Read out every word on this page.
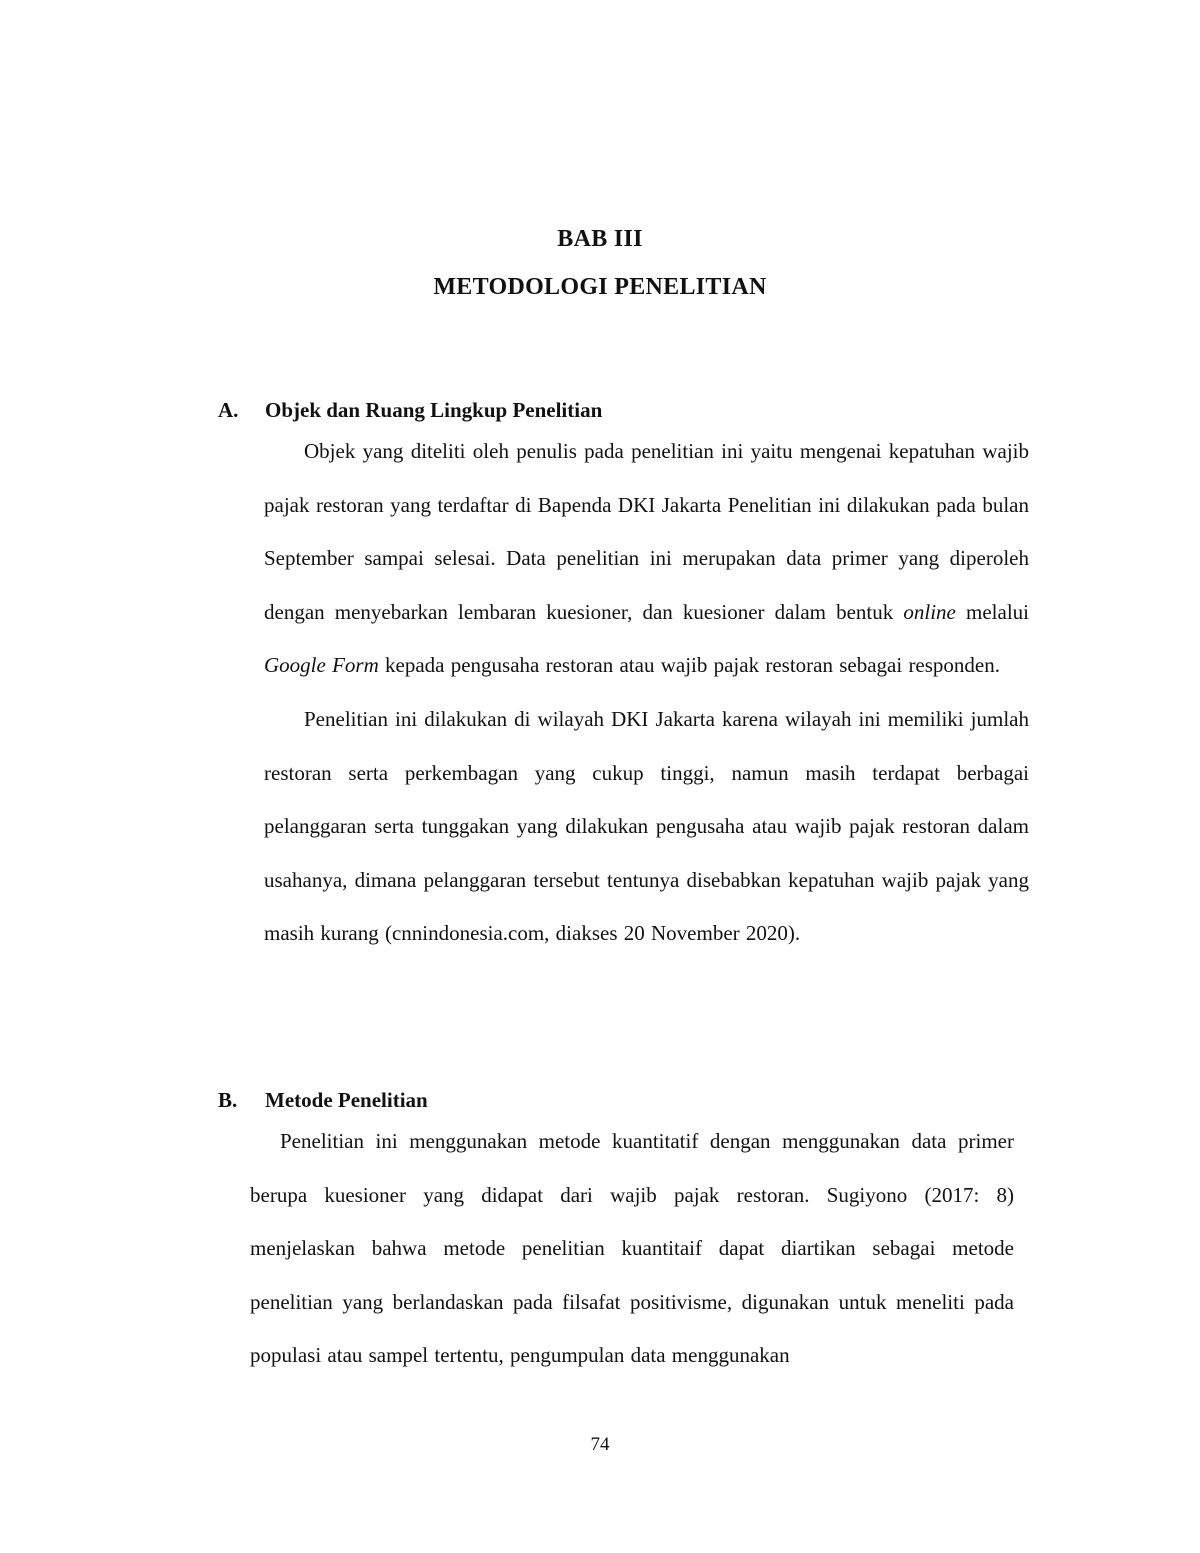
BAB III
METODOLOGI PENELITIAN
A. Objek dan Ruang Lingkup Penelitian

Objek yang diteliti oleh penulis pada penelitian ini yaitu mengenai kepatuhan wajib pajak restoran yang terdaftar di Bapenda DKI Jakarta Penelitian ini dilakukan pada bulan September sampai selesai. Data penelitian ini merupakan data primer yang diperoleh dengan menyebarkan lembaran kuesioner, dan kuesioner dalam bentuk online melalui Google Form kepada pengusaha restoran atau wajib pajak restoran sebagai responden.

Penelitian ini dilakukan di wilayah DKI Jakarta karena wilayah ini memiliki jumlah restoran serta perkembagan yang cukup tinggi, namun masih terdapat berbagai pelanggaran serta tunggakan yang dilakukan pengusaha atau wajib pajak restoran dalam usahanya, dimana pelanggaran tersebut tentunya disebabkan kepatuhan wajib pajak yang masih kurang (cnnindonesia.com, diakses 20 November 2020).

B. Metode Penelitian

Penelitian ini menggunakan metode kuantitatif dengan menggunakan data primer berupa kuesioner yang didapat dari wajib pajak restoran. Sugiyono (2017: 8) menjelaskan bahwa metode penelitian kuantitaif dapat diartikan sebagai metode penelitian yang berlandaskan pada filsafat positivisme, digunakan untuk meneliti pada populasi atau sampel tertentu, pengumpulan data menggunakan

74
